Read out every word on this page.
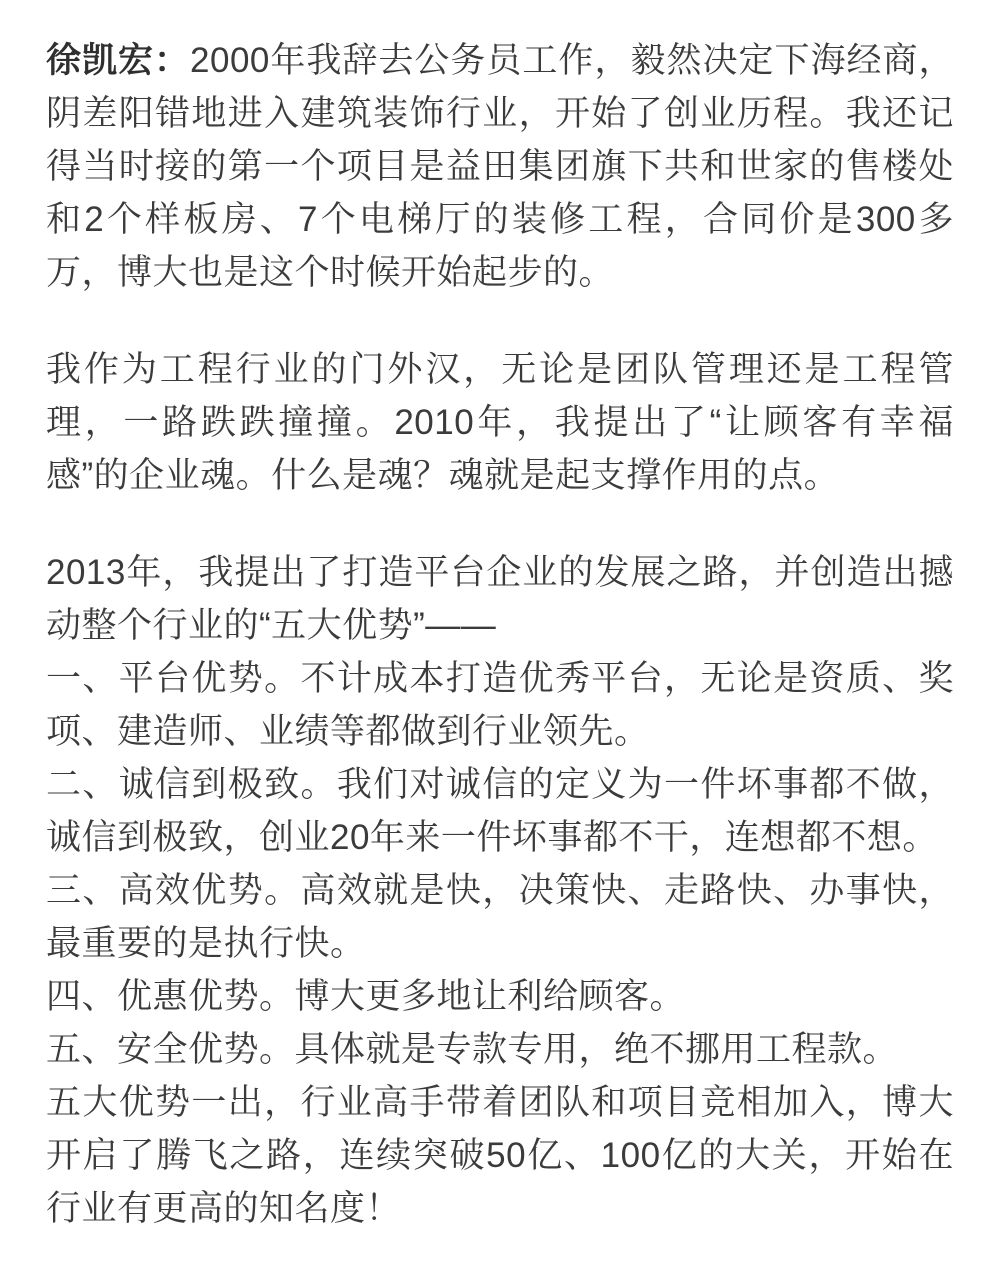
徐凯宏：2000年我辞去公务员工作，毅然决定下海经商，阴差阳错地进入建筑装饰行业，开始了创业历程。我还记得当时接的第一个项目是益田集团旗下共和世家的售楼处和2个样板房、7个电梯厅的装修工程，合同价是300多万，博大也是这个时候开始起步的。

我作为工程行业的门外汉，无论是团队管理还是工程管理，一路跌跌撞撞。2010年，我提出了“让顾客有幸福感”的企业魂。什么是魂？魂就是起支撑作用的点。

2013年，我提出了打造平台企业的发展之路，并创造出撼动整个行业的“五大优势”——

一、平台优势。不计成本打造优秀平台，无论是资质、奖项、建造师、业绩等都做到行业领先。

二、诚信到极致。我们对诚信的定义为一件坏事都不做，诚信到极致，创业20年来一件坏事都不干，连想都不想。

三、高效优势。高效就是快，决策快、走路快、办事快，最重要的是执行快。

四、优惠优势。博大更多地让利给顾客。

五、安全优势。具体就是专款专用，绝不挪用工程款。

五大优势一出，行业高手带着团队和项目竞相加入，博大开启了腾飞之路，连续突破50亿、100亿的大关，开始在行业有更高的知名度！
